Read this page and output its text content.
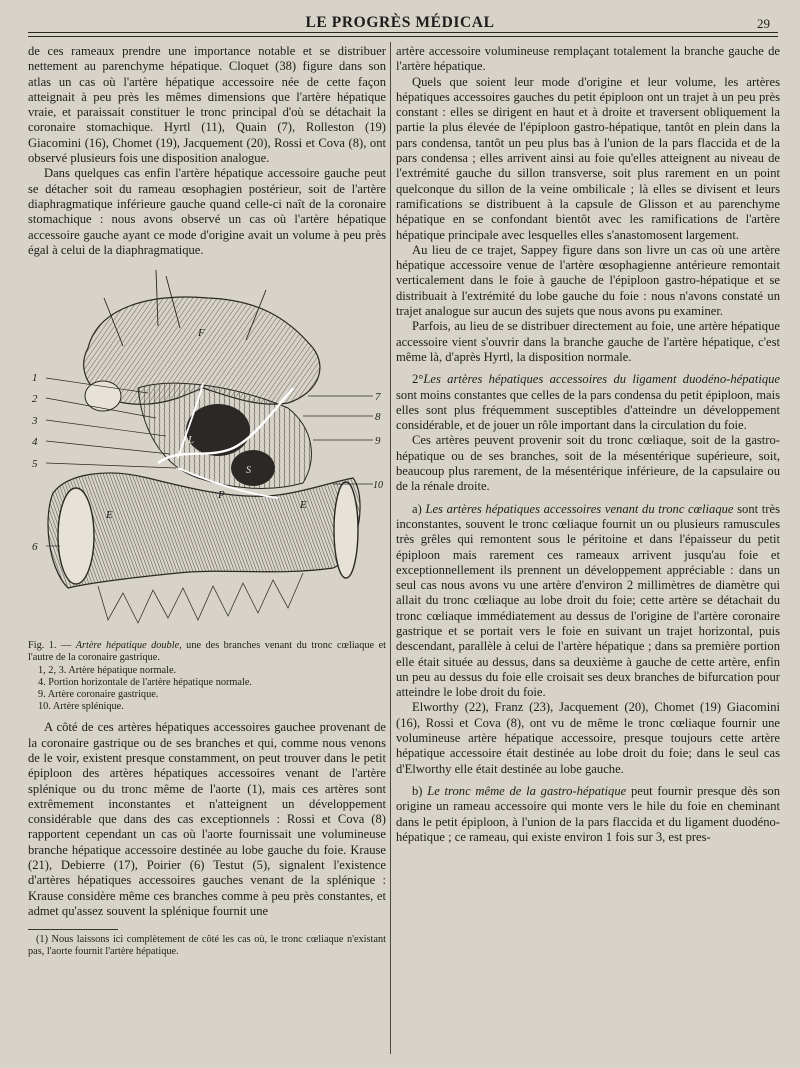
LE PROGRÈS MÉDICAL	29

de ces rameaux prendre une importance notable et se distribuer nettement au parenchyme hépatique. Cloquet (38) figure dans son atlas un cas où l'artère hépatique accessoire née de cette façon atteignait à peu près les mêmes dimensions que l'artère hépatique vraie, et paraissait constituer le tronc principal d'où se détachait la coronaire stomachique. Hyrtl (11), Quain (7), Rolleston (19) Giacomini (16), Chomet (19), Jacquement (20), Rossi et Cova (8), ont observé plusieurs fois une disposition analogue.

Dans quelques cas enfin l'artère hépatique accessoire gauche peut se détacher soit du rameau œsophagien postérieur, soit de l'artère diaphragmatique inférieure gauche quand celle-ci naît de la coronaire stomachique : nous avons observé un cas où l'artère hépatique accessoire gauche ayant ce mode d'origine avait un volume à peu près égal à celui de la diaphragmatique.

1
2
3
4
5
6
7
8
9
10
F
L
E
E
P
S

Fig. 1. — Artère hépatique double, une des branches venant du tronc cœliaque et l'autre de la coronaire gastrique.

1, 2, 3. Artère hépatique normale.

4. Portion horizontale de l'artère hépatique normale.

9. Artère coronaire gastrique.

10. Artère splénique.

A côté de ces artères hépatiques accessoires gauchee provenant de la coronaire gastrique ou de ses branches et qui, comme nous venons de le voir, existent presque constamment, on peut trouver dans le petit épiploon des artères hépatiques accessoires venant de l'artère splénique ou du tronc même de l'aorte (1), mais ces artères sont extrêmement inconstantes et n'atteignent un développement considérable que dans des cas exceptionnels : Rossi et Cova (8) rapportent cependant un cas où l'aorte fournissait une volumineuse branche hépatique accessoire destinée au lobe gauche du foie. Krause (21), Debierre (17), Poirier (6) Testut (5), signalent l'existence d'artères hépatiques accessoires gauches venant de la splénique : Krause considère même ces branches comme à peu près constantes, et admet qu'assez souvent la splénique fournit une

(1) Nous laissons ici complètement de côté les cas où, le tronc cœliaque n'existant pas, l'aorte fournit l'artère hépatique.

artère accessoire volumineuse remplaçant totalement la branche gauche de l'artère hépatique.

Quels que soient leur mode d'origine et leur volume, les artères hépatiques accessoires gauches du petit épiploon ont un trajet à un peu près constant : elles se dirigent en haut et à droite et traversent obliquement la partie la plus élevée de l'épiploon gastro-hépatique, tantôt en plein dans la pars condensa, tantôt un peu plus bas à l'union de la pars flaccida et de la pars condensa ; elles arrivent ainsi au foie qu'elles atteignent au niveau de l'extrémité gauche du sillon transverse, soit plus rarement en un point quelconque du sillon de la veine ombilicale ; là elles se divisent et leurs ramifications se distribuent à la capsule de Glisson et au parenchyme hépatique en se confondant bientôt avec les ramifications de l'artère hépatique principale avec lesquelles elles s'anastomosent largement.

Au lieu de ce trajet, Sappey figure dans son livre un cas où une artère hépatique accessoire venue de l'artère œsophagienne antérieure remontait verticalement dans le foie à gauche de l'épiploon gastro-hépatique et se distribuait à l'extrémité du lobe gauche du foie : nous n'avons constaté un trajet analogue sur aucun des sujets que nous avons pu examiner.

Parfois, au lieu de se distribuer directement au foie, une artère hépatique accessoire vient s'ouvrir dans la branche gauche de l'artère hépatique, c'est même là, d'après Hyrtl, la disposition normale.

2°Les artères hépatiques accessoires du ligament duodéno-hépatique sont moins constantes que celles de la pars condensa du petit épiploon, mais elles sont plus fréquemment susceptibles d'atteindre un développement considérable, et de jouer un rôle important dans la circulation du foie.

Ces artères peuvent provenir soit du tronc cœliaque, soit de la gastro-hépatique ou de ses branches, soit de la mésentérique supérieure, soit, beaucoup plus rarement, de la mésentérique inférieure, de la capsulaire ou de la rénale droite.

a) Les artères hépatiques accessoires venant du tronc cœliaque sont très inconstantes, souvent le tronc cœliaque fournit un ou plusieurs ramuscules très grêles qui remontent sous le péritoine et dans l'épaisseur du petit épiploon mais rarement ces rameaux arrivent jusqu'au foie et exceptionnellement ils prennent un développement appréciable : dans un seul cas nous avons vu une artère d'environ 2 millimètres de diamètre qui allait du tronc cœliaque au lobe droit du foie; cette artère se détachait du tronc cœliaque immédiatement au dessus de l'origine de l'artère coronaire gastrique et se portait vers le foie en suivant un trajet horizontal, puis descendant, parallèle à celui de l'artère hépatique ; dans sa première portion elle était située au dessus, dans sa deuxième à gauche de cette artère, enfin un peu au dessus du foie elle croisait ses deux branches de bifurcation pour atteindre le lobe droit du foie.

Elworthy (22), Franz (23), Jacquement (20), Chomet (19) Giacomini (16), Rossi et Cova (8), ont vu de même le tronc cœliaque fournir une volumineuse artère hépatique accessoire, presque toujours cette artère hépatique accessoire était destinée au lobe droit du foie; dans le seul cas d'Elworthy elle était destinée au lobe gauche.

b) Le tronc même de la gastro-hépatique peut fournir presque dès son origine un rameau accessoire qui monte vers le hile du foie en cheminant dans le petit épiploon, à l'union de la pars flaccida et du ligament duodéno-hépatique ; ce rameau, qui existe environ 1 fois sur 3, est pres-
